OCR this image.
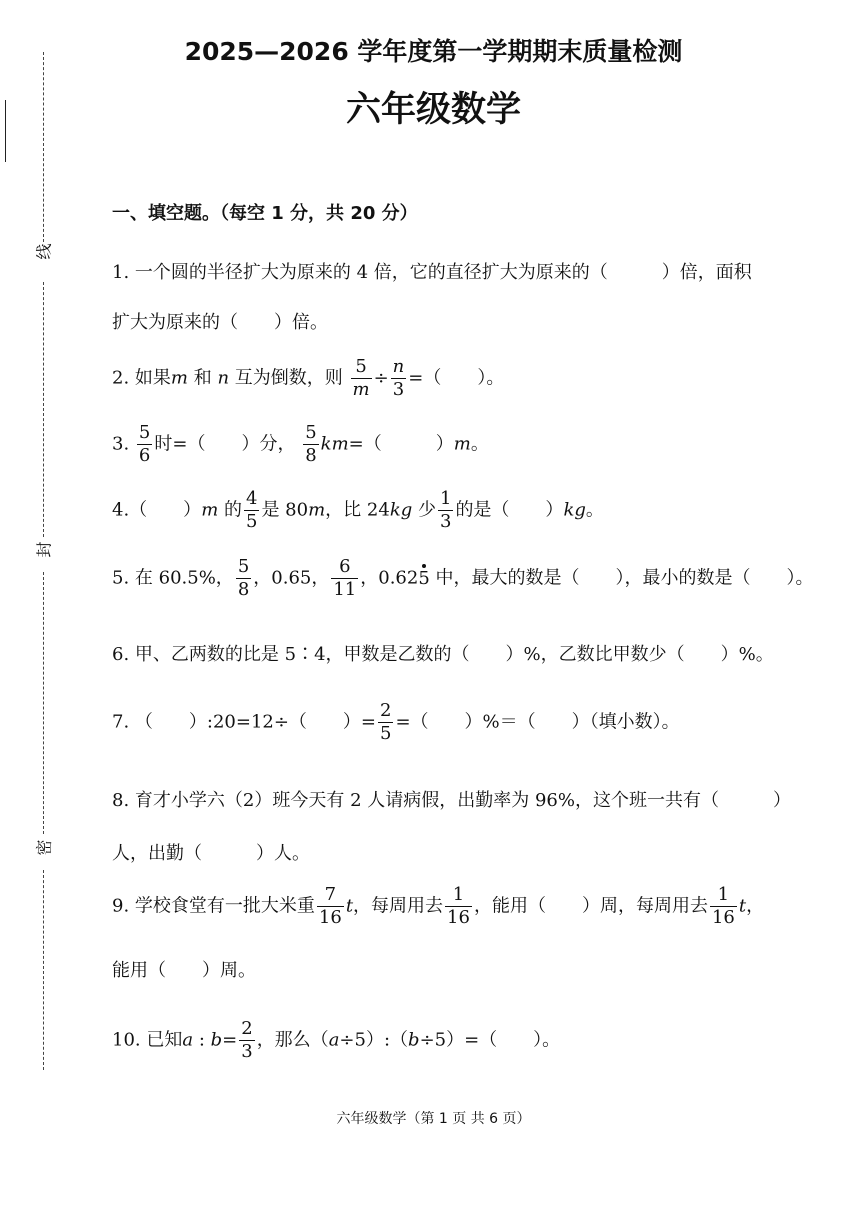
线
封
密
2025—2026 学年度第一学期期末质量检测
六年级数学
一、填空题。（每空 1 分，共 20 分）
1. 一个圆的半径扩大为原来的 4 倍，它的直径扩大为原来的（　　　）倍，面积
扩大为原来的（　　）倍。
2. 如果m 和 n 互为倒数，则 $\frac{5}{m} \div \frac{n}{3}$ =（　　）。
3. $\frac{5}{6}$ 时=（　　）分， $\frac{5}{8} km=$（　　　）m。
4.（　　）m 的 $\frac{4}{5}$ 是 80m，比 24kg 少 $\frac{1}{3}$ 的是（　　）kg。
5. 在 60.5%， $\frac{5}{8}$ ，0.65， $\frac{6}{11}$ ，0.625 中，最大的数是（　　），最小的数是（　　）。
6. 甲、乙两数的比是 5∶4，甲数是乙数的（　　）%，乙数比甲数少（　　）%。
7. （　　）:20=12÷（　　）= $\frac{2}{5}$ =（　　）%＝（　　）（填小数）。
8. 育才小学六（2）班今天有 2 人请病假，出勤率为 96%，这个班一共有（　　　）
人，出勤（　　　）人。
9. 学校食堂有一批大米重 $\frac{7}{16}$ t，每周用去 $\frac{1}{16}$ ，能用（　　）周，每周用去 $\frac{1}{16}$ t，
能用（　　）周。
10. 已知a : $b= \frac{2}{3}$ ，那么（a÷5）:（b÷5）=（　　）。
六年级数学（第 1 页 共 6 页）
